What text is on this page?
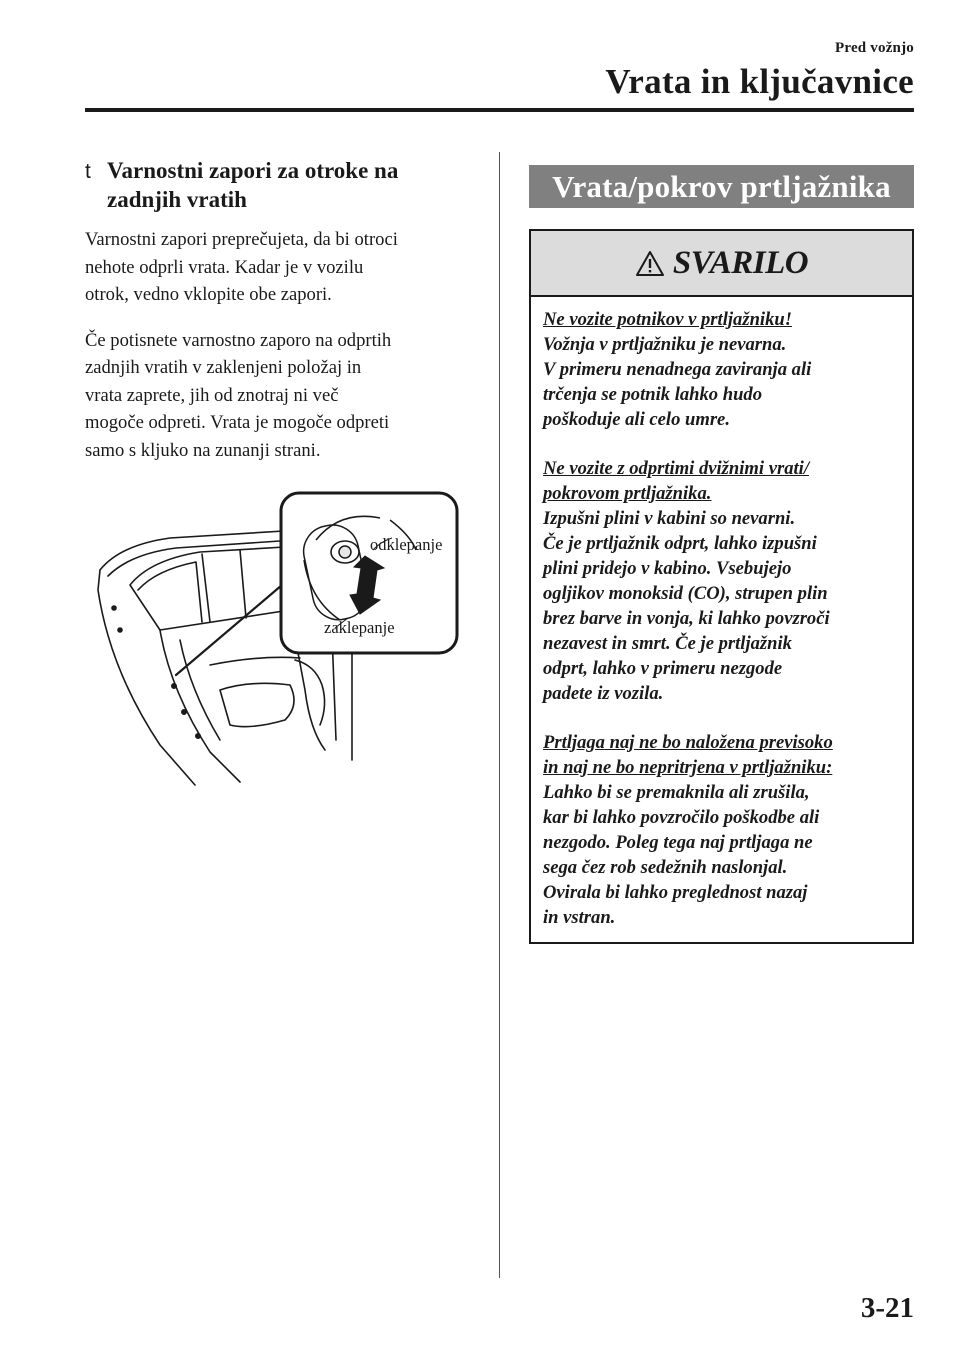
Pred vožnjo
Vrata in ključavnice
t Varnostni zapori za otroke na
zadnjih vratih

Varnostni zapori preprečujeta, da bi otroci
nehote odprli vrata. Kadar je v vozilu
otrok, vedno vklopite obe zapori.

Če potisnete varnostno zaporo na odprtih
zadnjih vratih v zaklenjeni položaj in
vrata zaprete, jih od znotraj ni več
mogoče odpreti. Vrata je mogoče odpreti
samo s kljuko na zunanji strani.

odklepanje
zaklepanje
Vrata/pokrov prtljažnika
SVARILO
Ne vozite potnikov v prtljažniku!
Vožnja v prtljažniku je nevarna.
V primeru nenadnega zaviranja ali
trčenja se potnik lahko hudo
poškoduje ali celo umre.
Ne vozite z odprtimi dvižnimi vrati/
pokrovom prtljažnika.
Izpušni plini v kabini so nevarni.
Če je prtljažnik odprt, lahko izpušni
plini pridejo v kabino. Vsebujejo
ogljikov monoksid (CO), strupen plin
brez barve in vonja, ki lahko povzroči
nezavest in smrt. Če je prtljažnik
odprt, lahko v primeru nezgode
padete iz vozila.
Prtljaga naj ne bo naložena previsoko
in naj ne bo nepritrjena v prtljažniku:
Lahko bi se premaknila ali zrušila,
kar bi lahko povzročilo poškodbe ali
nezgodo. Poleg tega naj prtljaga ne
sega čez rob sedežnih naslonjal.
Ovirala bi lahko preglednost nazaj
in vstran.
3-21
